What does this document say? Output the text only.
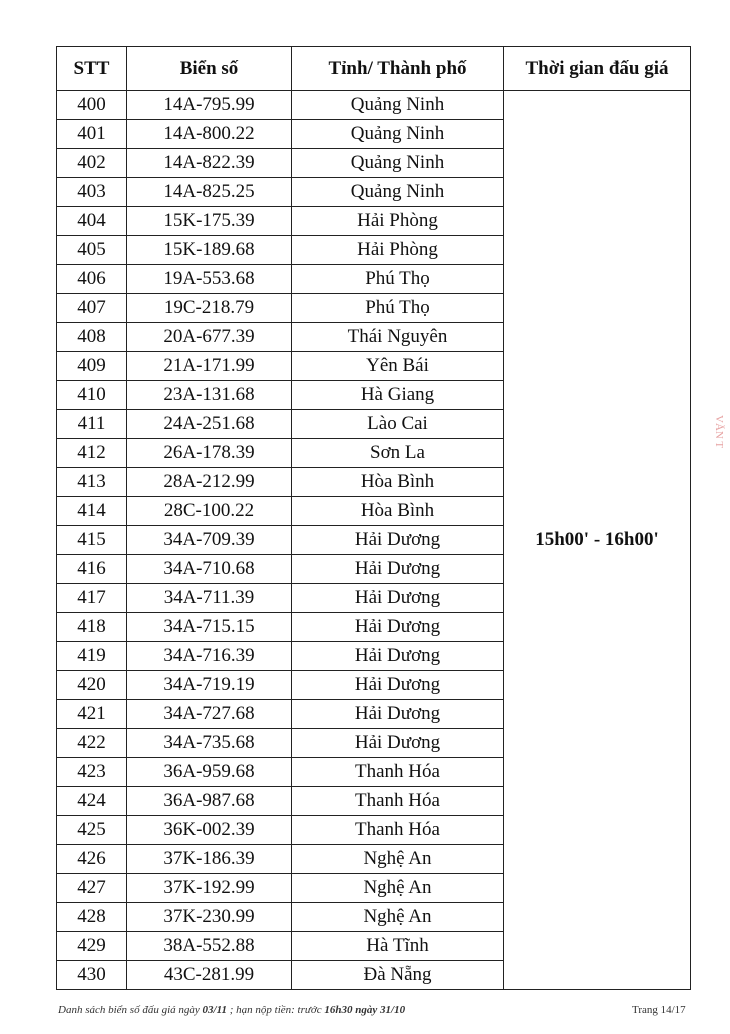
STT	Biển số	Tỉnh/ Thành phố	Thời gian đấu giá
400	14A-795.99	Quảng Ninh	15h00' - 16h00'
401	14A-800.22	Quảng Ninh	
402	14A-822.39	Quảng Ninh	
403	14A-825.25	Quảng Ninh	
404	15K-175.39	Hải Phòng	
405	15K-189.68	Hải Phòng	
406	19A-553.68	Phú Thọ	
407	19C-218.79	Phú Thọ	
408	20A-677.39	Thái Nguyên	
409	21A-171.99	Yên Bái	
410	23A-131.68	Hà Giang	
411	24A-251.68	Lào Cai	
412	26A-178.39	Sơn La	
413	28A-212.99	Hòa Bình	
414	28C-100.22	Hòa Bình	
415	34A-709.39	Hải Dương	
416	34A-710.68	Hải Dương	
417	34A-711.39	Hải Dương	
418	34A-715.15	Hải Dương	
419	34A-716.39	Hải Dương	
420	34A-719.19	Hải Dương	
421	34A-727.68	Hải Dương	
422	34A-735.68	Hải Dương	
423	36A-959.68	Thanh Hóa	
424	36A-987.68	Thanh Hóa	
425	36K-002.39	Thanh Hóa	
426	37K-186.39	Nghệ An	
427	37K-192.99	Nghệ An	
428	37K-230.99	Nghệ An	
429	38A-552.88	Hà Tĩnh	
430	43C-281.99	Đà Nẵng	
VĂN T
Danh sách biển số đấu giá ngày 03/11 ; hạn nộp tiền: trước 16h30 ngày 31/10	Trang 14/17
